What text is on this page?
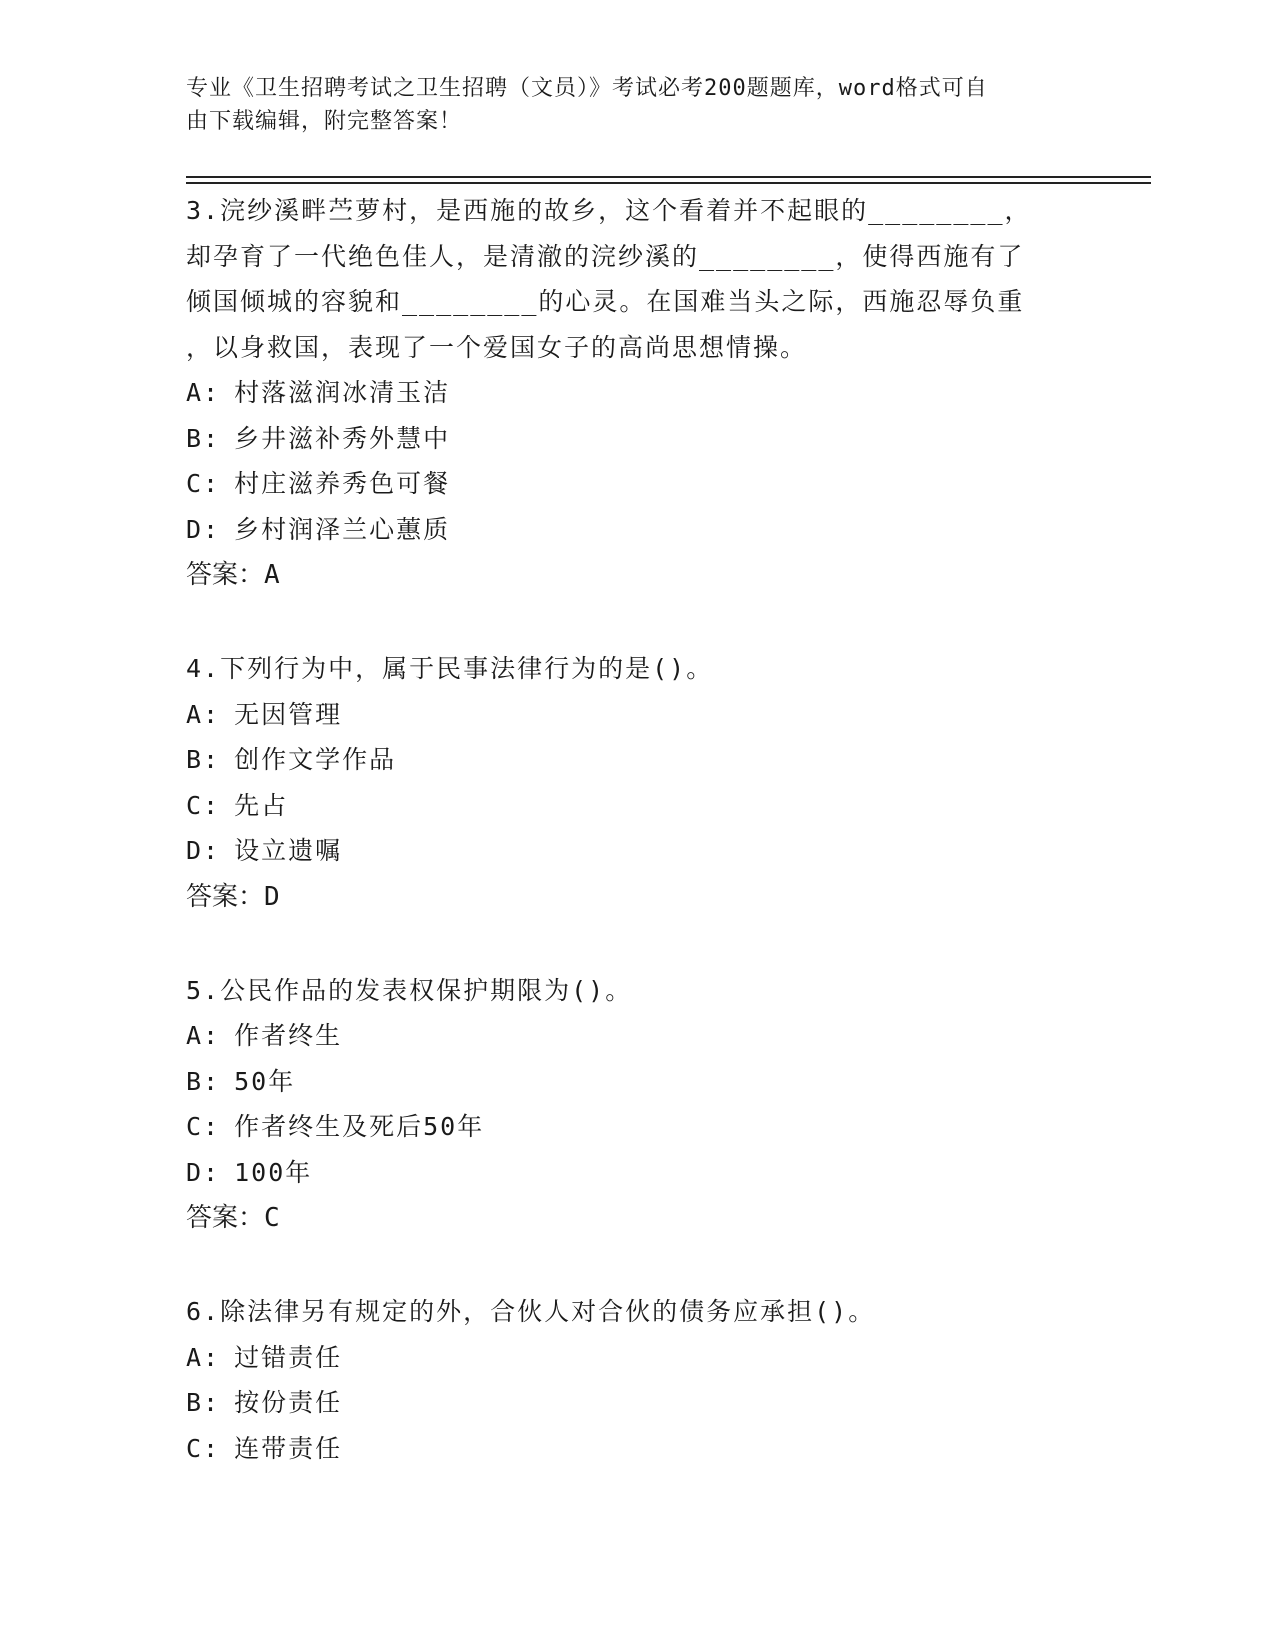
专业《卫生招聘考试之卫生招聘（文员）》考试必考200题题库，word格式可自
由下载编辑，附完整答案！
3.浣纱溪畔苎萝村，是西施的故乡，这个看着并不起眼的________，
却孕育了一代绝色佳人，是清澈的浣纱溪的________，使得西施有了
倾国倾城的容貌和________的心灵。在国难当头之际，西施忍辱负重
，以身救国，表现了一个爱国女子的高尚思想情操。
A: 村落滋润冰清玉洁
B: 乡井滋补秀外慧中
C: 村庄滋养秀色可餐
D: 乡村润泽兰心蕙质
答案：A
4.下列行为中，属于民事法律行为的是()。
A: 无因管理
B: 创作文学作品
C: 先占
D: 设立遗嘱
答案：D
5.公民作品的发表权保护期限为()。
A: 作者终生
B: 50年
C: 作者终生及死后50年
D: 100年
答案：C
6.除法律另有规定的外，合伙人对合伙的债务应承担()。
A: 过错责任
B: 按份责任
C: 连带责任
